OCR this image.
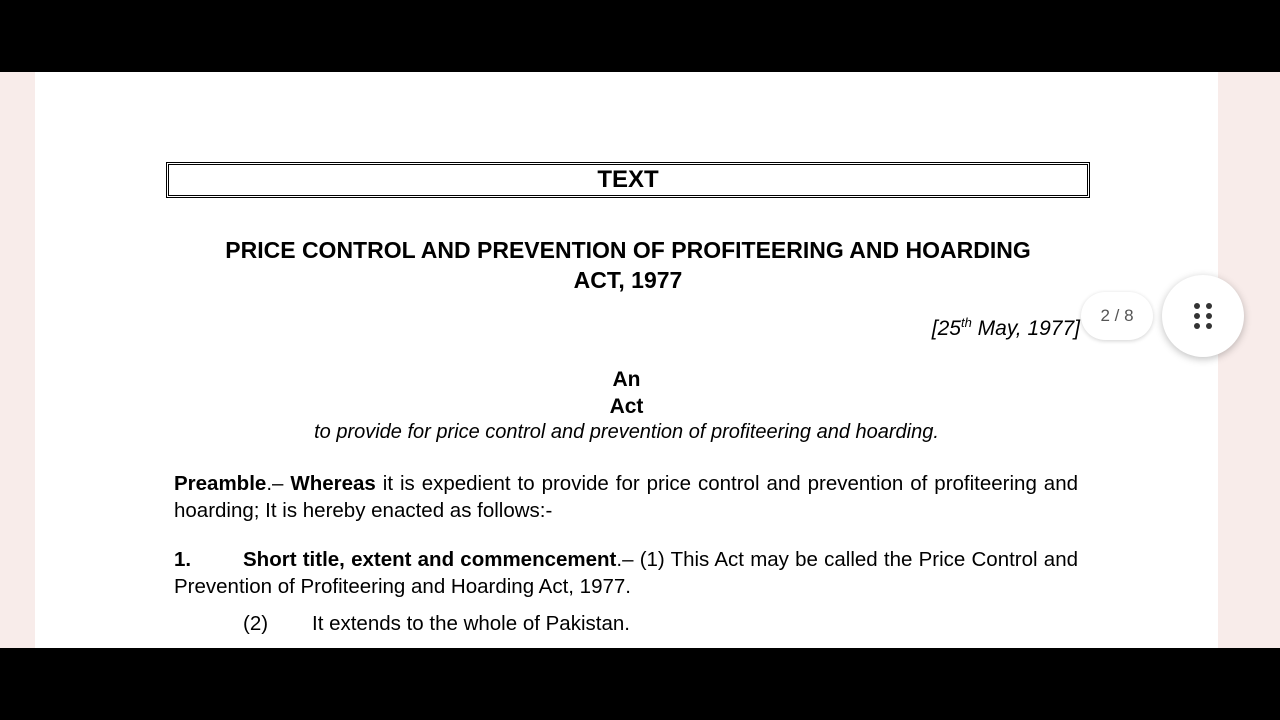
TEXT
PRICE CONTROL AND PREVENTION OF PROFITEERING AND HOARDING
ACT, 1977
[25th May, 1977]
An
Act
to provide for price control and prevention of profiteering and hoarding.
Preamble.– Whereas it is expedient to provide for price control and prevention of profiteering and hoarding; It is hereby enacted as follows:-
1.	Short title, extent and commencement.– (1) This Act may be called the Price Control and Prevention of Profiteering and Hoarding Act, 1977.
(2) It extends to the whole of Pakistan.
2 / 8
